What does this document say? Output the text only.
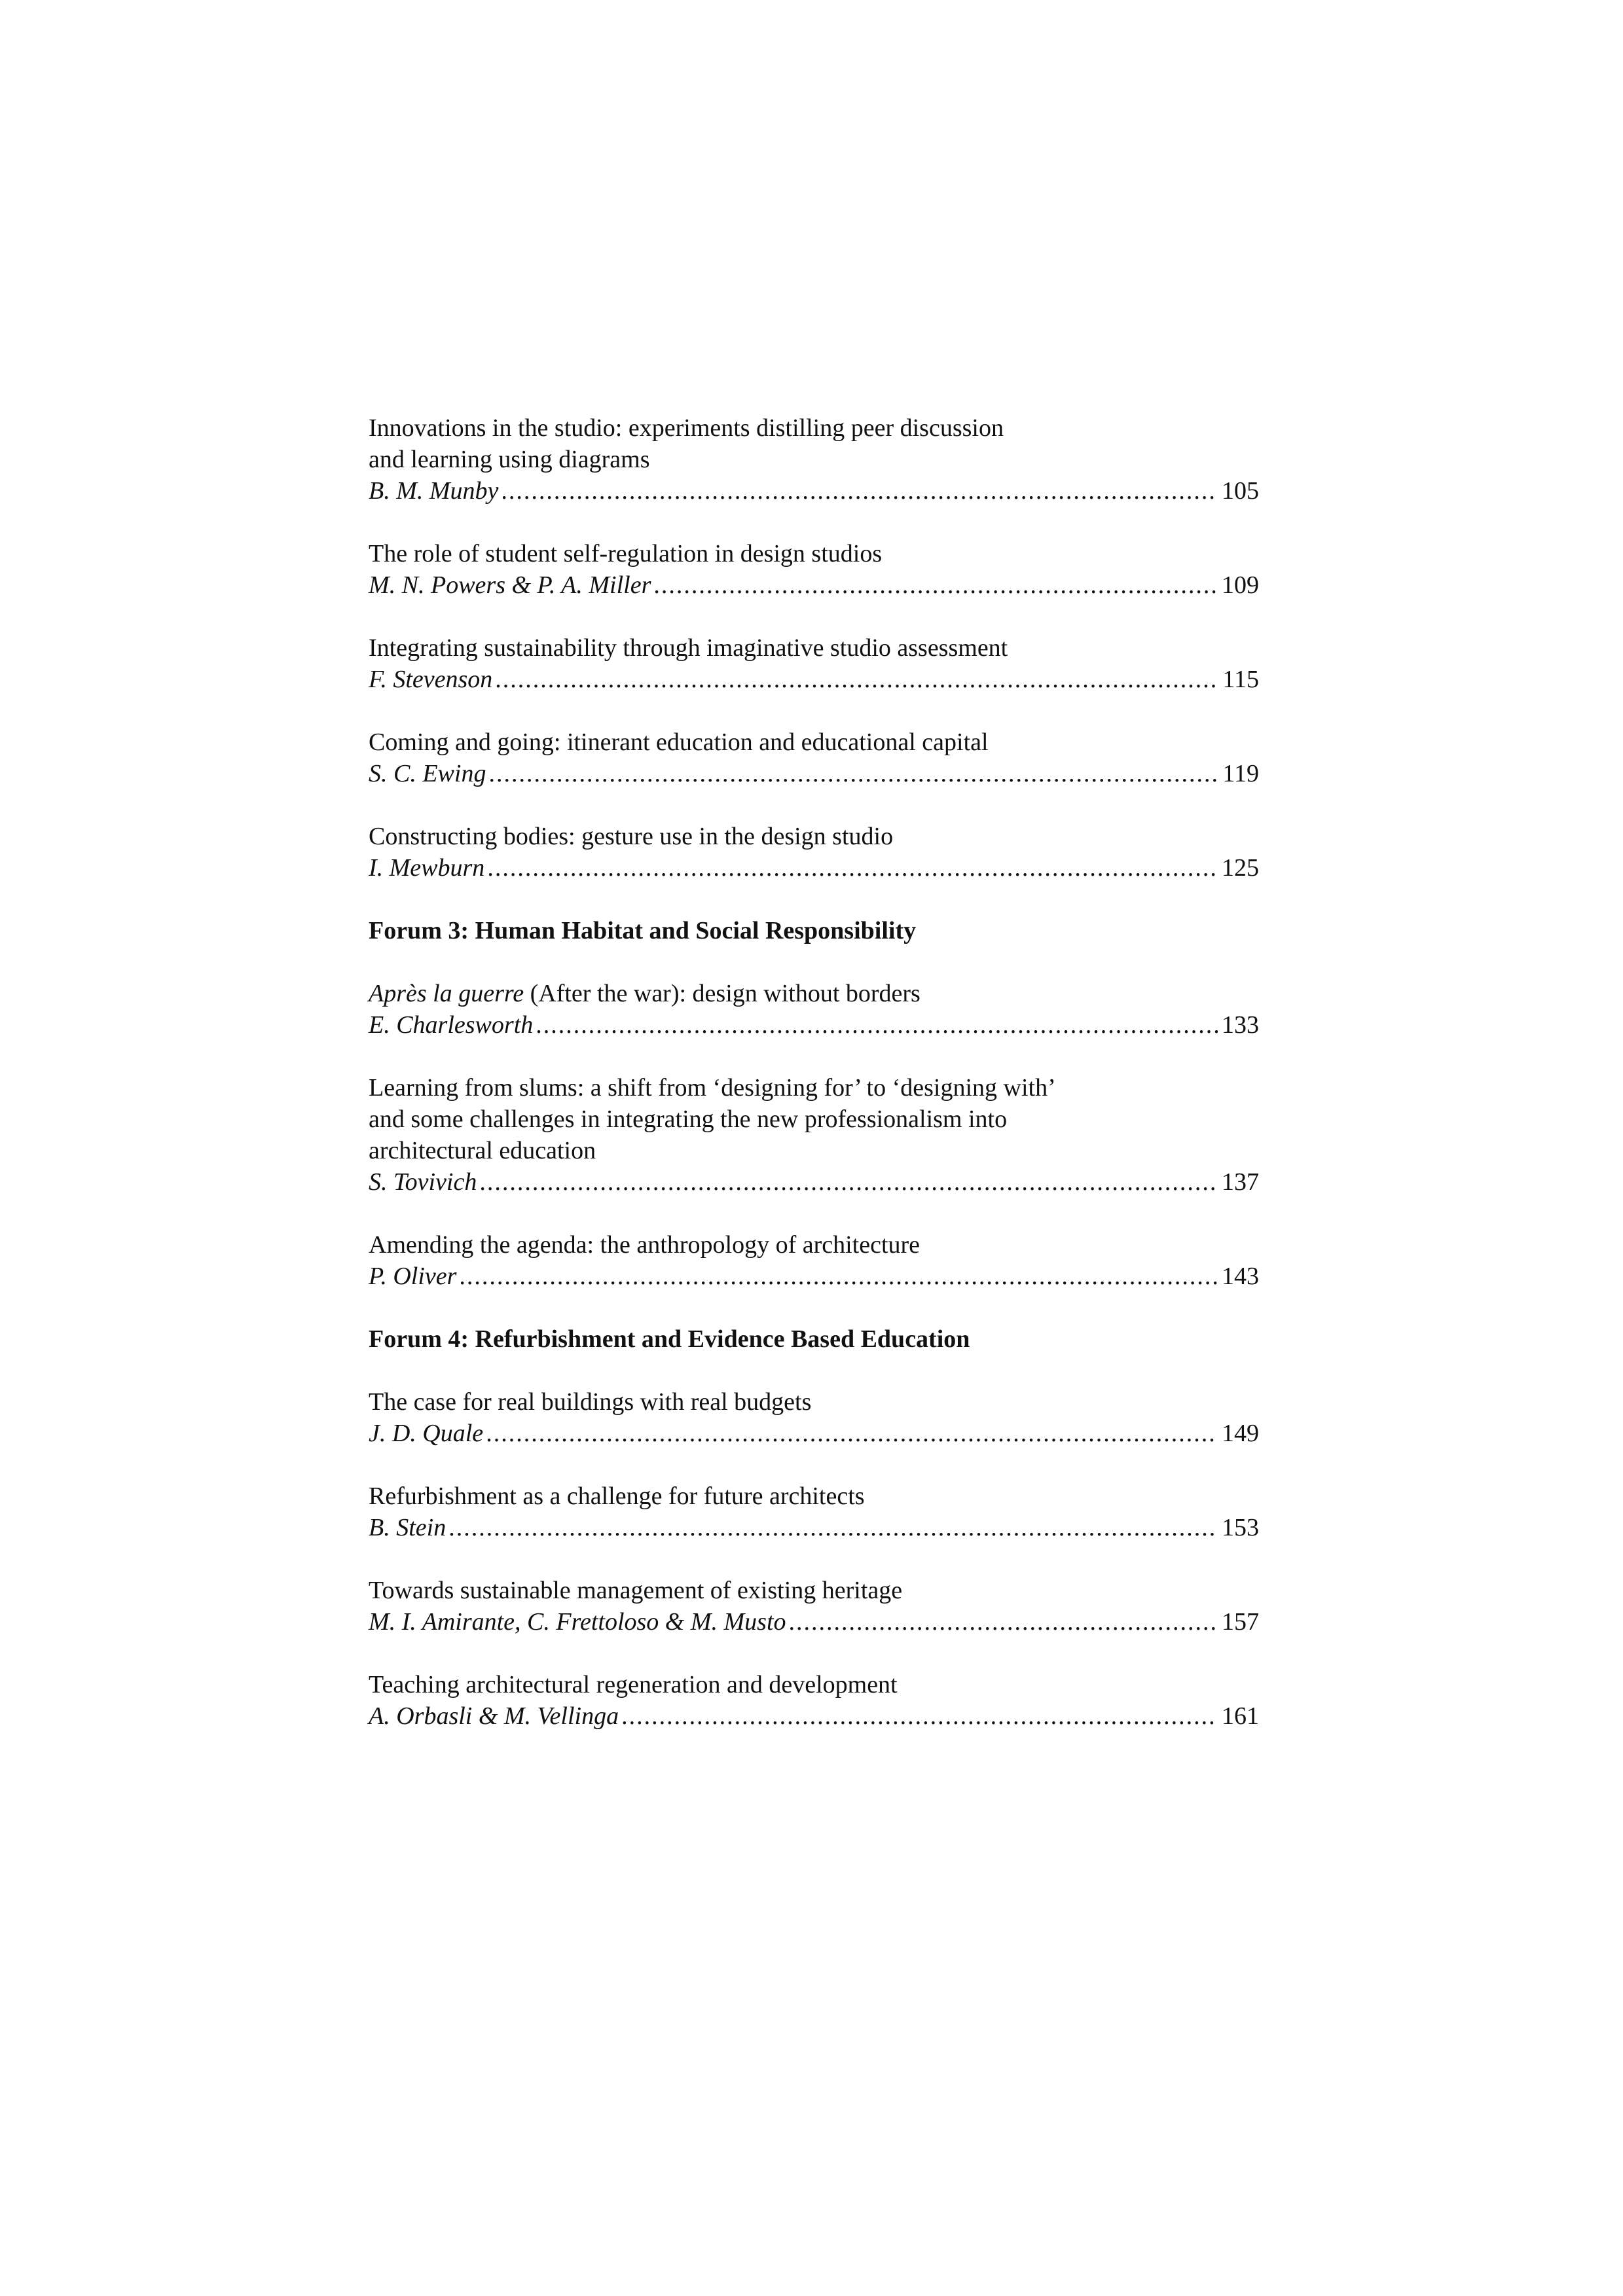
Innovations in the studio: experiments distilling peer discussion
and learning using diagrams
B. M. Munby .....	105
The role of student self-regulation in design studios
M. N. Powers & P. A. Miller .....	109
Integrating sustainability through imaginative studio assessment
F. Stevenson .....	115
Coming and going: itinerant education and educational capital
S. C. Ewing .....	119
Constructing bodies: gesture use in the design studio
I. Mewburn .....	125
Forum 3: Human Habitat and Social Responsibility
Après la guerre (After the war): design without borders
E. Charlesworth .....	133
Learning from slums: a shift from ‘designing for’ to ‘designing with’
and some challenges in integrating the new professionalism into
architectural education
S. Tovivich .....	137
Amending the agenda: the anthropology of architecture
P. Oliver .....	143
Forum 4: Refurbishment and Evidence Based Education
The case for real buildings with real budgets
J. D. Quale .....	149
Refurbishment as a challenge for future architects
B. Stein .....	153
Towards sustainable management of existing heritage
M. I. Amirante, C. Frettoloso & M. Musto .....	157
Teaching architectural regeneration and development
A. Orbasli & M. Vellinga .....	161
